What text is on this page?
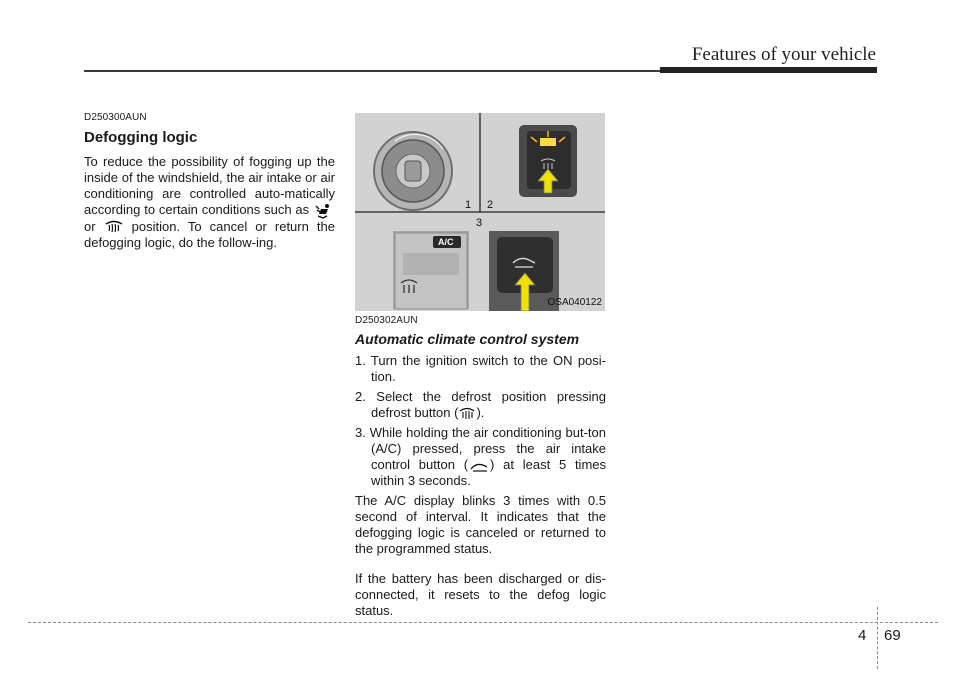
Features of your vehicle
D250300AUN
Defogging logic
To reduce the possibility of fogging up the inside of the windshield, the air intake or air conditioning are controlled auto-matically according to certain conditions such as  or	position. To cancel or return the defogging logic, do the follow-ing.
1 2
3
A/C
OSA040122
D250302AUN
Automatic climate control system
1. Turn the ignition switch to the ON posi-tion.
2. Select the defrost position pressing defrost button ( ).
3. While holding the air conditioning but-ton (A/C) pressed, press the air intake control button ( ) at least 5 times within 3 seconds.
The A/C display blinks 3 times with 0.5 second of interval. It indicates that the defogging logic is canceled or returned to the programmed status.
If the battery has been discharged or dis-connected, it resets to the defog logic status.
4 69
